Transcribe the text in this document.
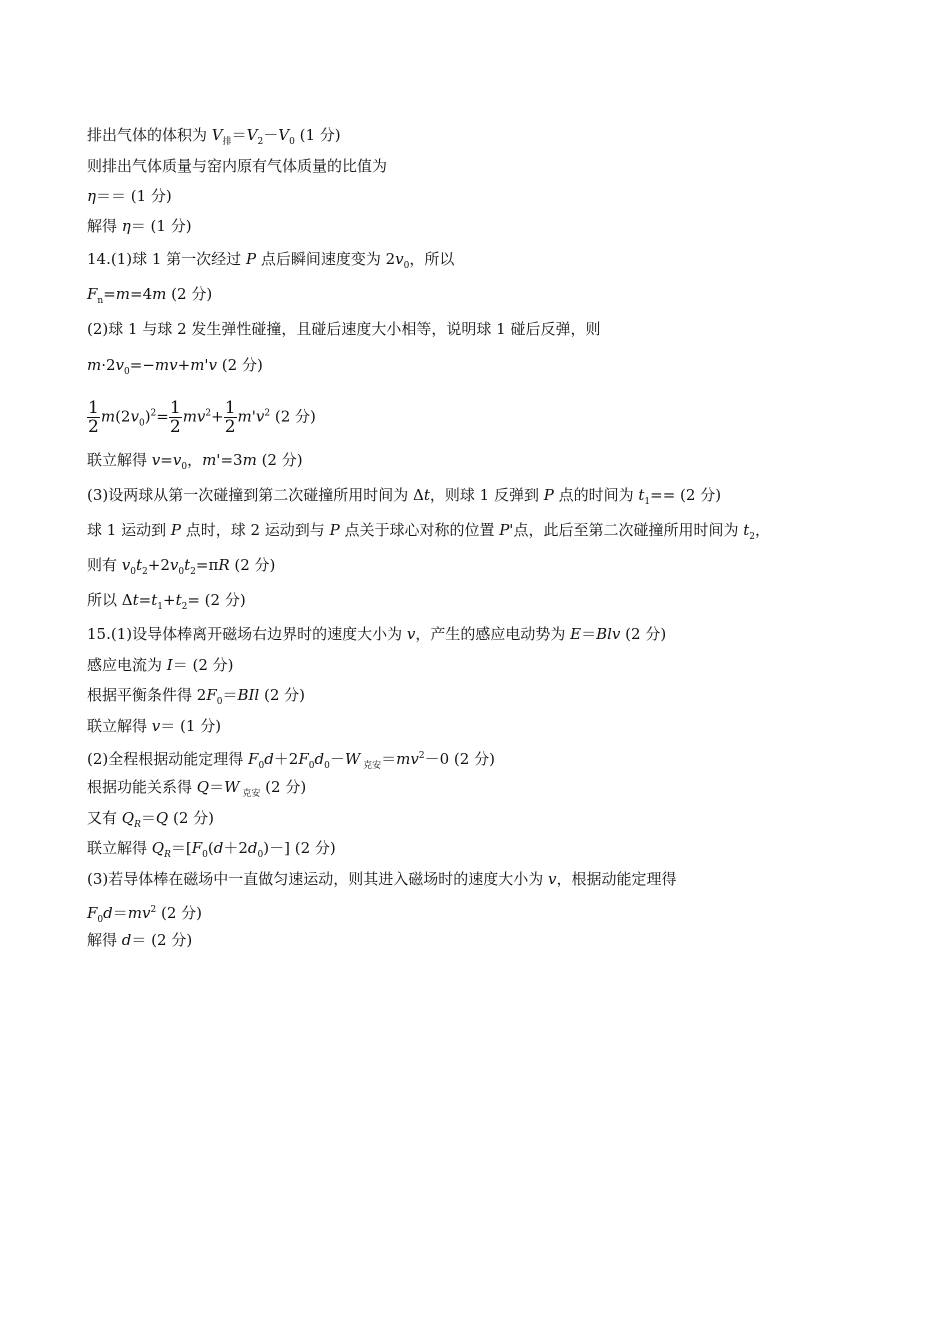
排出气体的体积为 $V_排=V_2-V_0$ (1 分)
则排出气体质量与窑内原有气体质量的比值为
η＝＝ (1 分)
解得 η＝ (1 分)
14.(1)球 1 第一次经过 P 点后瞬间速度变为 $2v_0$，所以
$F_n=m=4m$ (2 分)
(2)球 1 与球 2 发生弹性碰撞，且碰后速度大小相等，说明球 1 碰后反弹，则
$m\cdot 2v_0=-mv+m'v$ (2 分)
$\frac{1}{2} m(2v_0)^2= \frac{1}{2} mv^2+ \frac{1}{2} m'v^2$ (2 分)
联立解得 $v=v_0$，m'=3m (2 分)
(3)设两球从第一次碰撞到第二次碰撞所用时间为 Δt，则球 1 反弹到 P 点的时间为 $t_1== (2$ 分)
球 1 运动到 P 点时，球 2 运动到与 P 点关于球心对称的位置 P'点，此后至第二次碰撞所用时间为 $t_2$，
则有 $v_0t_2+2v_0t_2=\pi R$ (2 分)
所以 $\Delta t=t_1+t_2= (2$ 分)
15.(1)设导体棒离开磁场右边界时的速度大小为 v，产生的感应电动势为 E＝Blv (2 分)
感应电流为 I＝ (2 分)
根据平衡条件得 $2F_0=BIl$ (2 分)
联立解得 v＝ (1 分)
(2)全程根据动能定理得 $F_0d+2F_0d_0-W$ $_{克安}=mv^2-0$ (2 分)
根据功能关系得 Q＝W $_{克安}$ (2 分)
又有 $Q_R=Q$ (2 分)
联立解得 $Q_R=[F_0(d+2d_0)-]$ (2 分)
(3)若导体棒在磁场中一直做匀速运动，则其进入磁场时的速度大小为 v，根据动能定理得
$F_0d=mv^2$ (2 分)
解得 d＝ (2 分)
